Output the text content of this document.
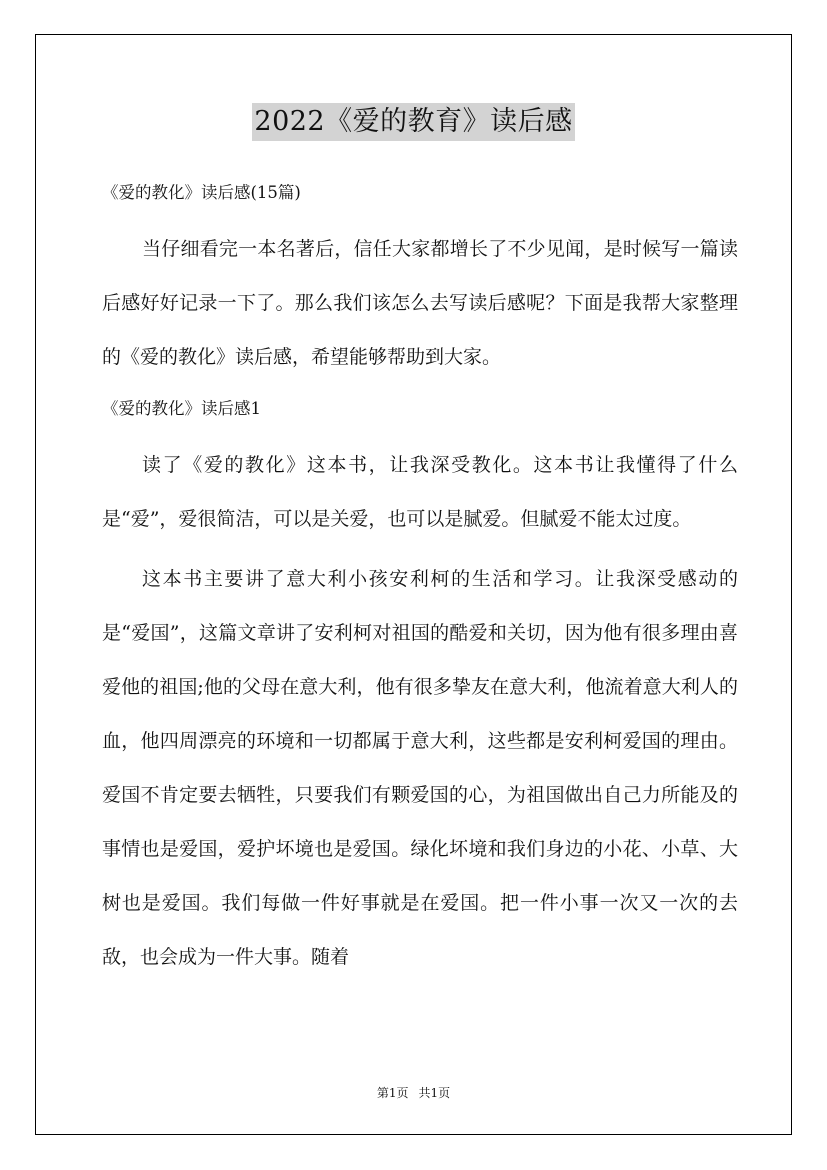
2022《爱的教育》读后感
《爱的教化》读后感(15篇)

当仔细看完一本名著后，信任大家都增长了不少见闻，是时候写一篇读后感好好记录一下了。那么我们该怎么去写读后感呢？下面是我帮大家整理的《爱的教化》读后感，希望能够帮助到大家。

《爱的教化》读后感1

读了《爱的教化》这本书，让我深受教化。这本书让我懂得了什么是“爱”，爱很简洁，可以是关爱，也可以是腻爱。但腻爱不能太过度。

这本书主要讲了意大利小孩安利柯的生活和学习。让我深受感动的是“爱国”，这篇文章讲了安利柯对祖国的酷爱和关切，因为他有很多理由喜爱他的祖国;他的父母在意大利，他有很多挚友在意大利，他流着意大利人的血，他四周漂亮的环境和一切都属于意大利，这些都是安利柯爱国的理由。爱国不肯定要去牺牲，只要我们有颗爱国的心，为祖国做出自己力所能及的事情也是爱国，爱护坏境也是爱国。绿化坏境和我们身边的小花、小草、大树也是爱国。我们每做一件好事就是在爱国。把一件小事一次又一次的去敌，也会成为一件大事。随着

第1页 共1页
